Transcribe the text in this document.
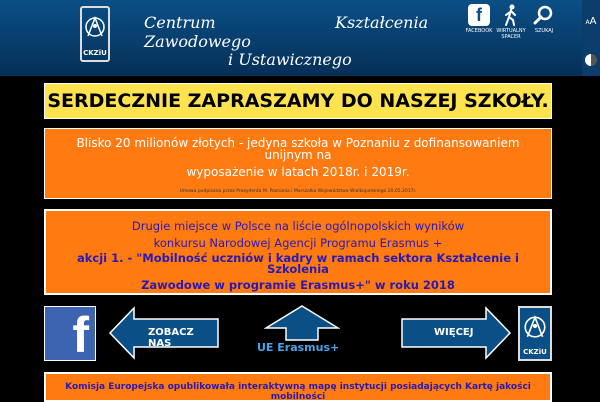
CKZiU
Centrum	Kształcenia
Zawodowego
i Ustawicznego
f
FACEBOOK WIRTUALNY SPACER
SZUKAJ
AA
SERDECZNIE ZAPRASZAMY DO NASZEJ SZKOŁY.
Blisko 20 milionów złotych - jedyna szkoła w Poznaniu z dofinansowaniem unijnym na
wyposażenie w latach 2018r. i 2019r.
Umowa podpisana przez Prezydenta M. Poznania i Marszałka Województwa Wielkopolskiego 20.05.2017r.
Drugie miejsce w Polsce na liście ogólnopolskich wyników
konkursu Narodowej Agencji Programu Erasmus +
akcji 1. - "Mobilność uczniów i kadry w ramach sektora Kształcenie i Szkolenia
Zawodowe w programie Erasmus+" w roku 2018
f	ZOBACZ NAS	UE Erasmus+
WIĘCEJ
CKZiU
Komisja Europejska opublikowała interaktywną mapę instytucji posiadających Kartę jakości mobilności
